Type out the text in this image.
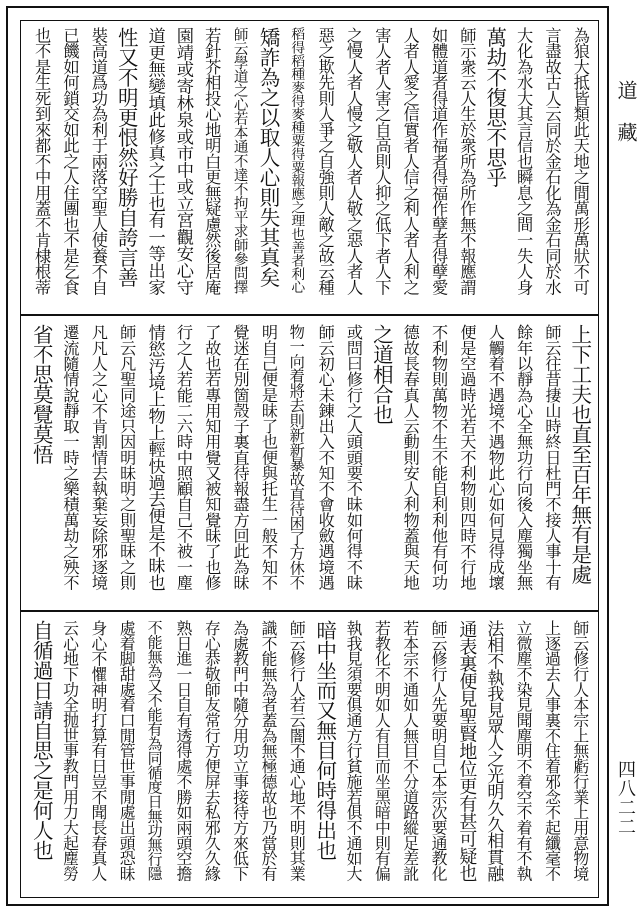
為狼大抵皆類此天地之間萬形萬狀不可
言盡故古人云同於金石化為金石同於水
大化為水大其言信也瞬息之間一失人身
萬劫不復思不思乎
師示衆云人生於衆所為所作無不報應謂
如體道者得道作福者得福作孽者得孽愛
人者人愛之信實者人信之利人者人利之
害人者人害之自高則人抑之低下者人下
之慢人者人慢之敬人者人敬之惡人者人
惡之欺先則人爭之自強則人敵之故云種
稻得稻種麥得麥種粟得粟報應之理也善者利心
矯詐為之以取人心則失其真矣
師云學道之心若本通不達不拘平求師參問擇
若針芥相投心地明白更無疑慮然後居庵
園靖或寄林泉或市中或立宮觀安心守
道更無變填此修真之士也有一等出家
性又不明更恨然好勝自誇言善
裝高道爲功為利于兩落空聖人使養不自
已饑如何鎖交如此之人住團也不是乞食
也不是生死到來都不中用蓋不肯棣根蒂
上下工夫也直至百年無有是處
師云往昔捿山時終日杜門不接人事十有
餘年以靜為心全無功行向後入塵獨坐無
人觸着不遇境不遇物此心如何見得成壞
便是空過時光若天不利物則四時不行地
不利物則萬物不生不能自利利他有何功
德故長春真人云動則安人利物蓋與天地
之道相合也
或問曰修行之人頭頭要不昧如何得不昧
師云初心未錬出入不知不會收斂遇境遇
物一向着將去則新新暴故直待困了方休不
明自己便是昧了也便與托生一般不知不
覺迷在別箇殼子裏直待報盡方回此為昧
了故也若專用知用覺又被知覺昧了也修
行之人若能二六時中照顧自己不被一塵
情慾汚境上物上輕快過去便是不昧也
師云凡聖同途只因明昧明之則聖昧之則
凡凡人之心不肯割情去執棄妄除邪逐境
遷流隨情說靜取一時之樂積萬劫之殃不
省不思莫覺莫悟
師云修行人本宗上無虧行業上用意物境
上逐過去人事裏不住着邪念不起纖毫不
立微塵不染見聞塵明不着空不着有不執
法相不執我見眾人之光明久久相貫融
通表裏便見聖賢地位更有甚可疑也
師云修行人先要明自己本宗次要通教化
若本宗不通如人無目不分道路縱足差訛
若教化不明如人有目而坐黑暗中則有偏
執我見須要俱通方行貧施若俱不通如大
暗中坐而又無目何時得出也
師云修行人若云闇不通心地不明則其業
識不能無為者蓋為無極德故也乃當於有
為處教門中隨分用功立事接待方來低下
存心恭敬師友常行方便屏去私邪久久緣
熟日進一日自有透得處不勝如兩頭空擔
不能無為又不能有為同循度日無功無行隱
處着脚甜處着口閒管世事閒處出頭恐昧
身心不懼神明打算有日豈不聞長春真人
云心地下功全抛世事教門用力大起塵勞
自循過日請自思之是何人也
道藏
四八二二
